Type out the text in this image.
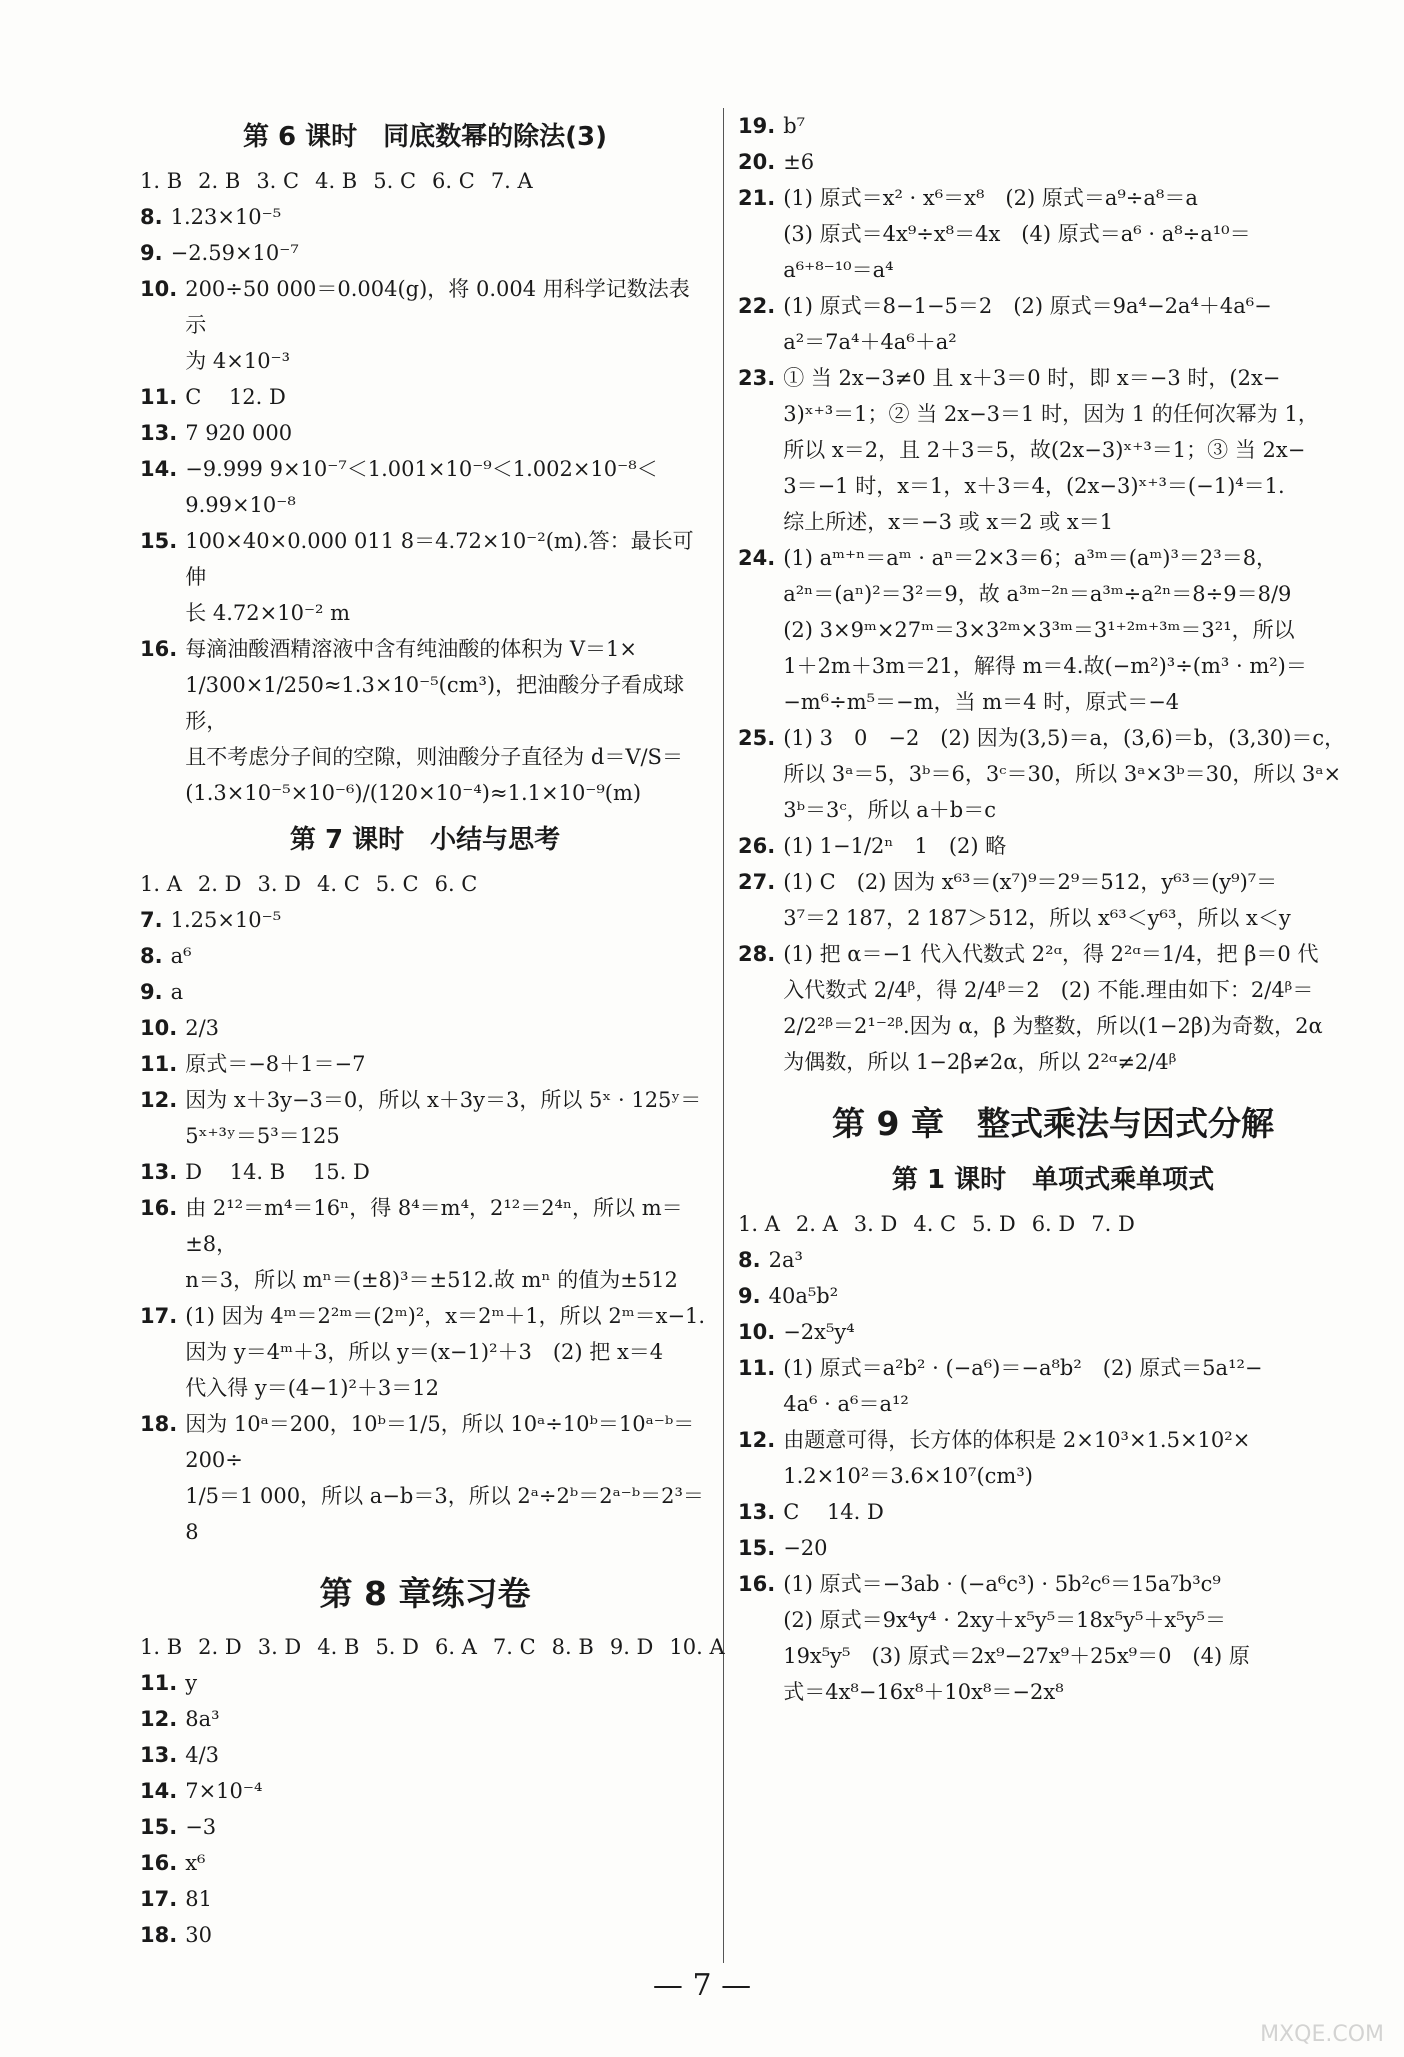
第 6 课时　同底数幂的除法(3)
1. B 2. B 3. C 4. B 5. C 6. C 7. A
8. 1.23×10⁻⁵
9. −2.59×10⁻⁷
10. 200÷50 000＝0.004(g)，将 0.004 用科学记数法表示
为 4×10⁻³
11. C　 12. D
13. 7 920 000
14. −9.999 9×10⁻⁷＜1.001×10⁻⁹＜1.002×10⁻⁸＜
9.99×10⁻⁸
15. 100×40×0.000 011 8＝4.72×10⁻²(m).答：最长可伸
长 4.72×10⁻² m
16. 每滴油酸酒精溶液中含有纯油酸的体积为 V＝1×
1/300×1/250≈1.3×10⁻⁵(cm³)，把油酸分子看成球形，
且不考虑分子间的空隙，则油酸分子直径为 d＝V/S＝
(1.3×10⁻⁵×10⁻⁶)/(120×10⁻⁴)≈1.1×10⁻⁹(m)
第 7 课时　小结与思考
1. A 2. D 3. D 4. C 5. C 6. C
7. 1.25×10⁻⁵
8. a⁶
9. a
10. 2/3
11. 原式＝−8＋1＝−7
12. 因为 x＋3y−3＝0，所以 x＋3y＝3，所以 5ˣ · 125ʸ＝
5ˣ⁺³ʸ＝5³＝125
13. D　 14. B　 15. D
16. 由 2¹²＝m⁴＝16ⁿ，得 8⁴＝m⁴，2¹²＝2⁴ⁿ，所以 m＝±8，
n＝3，所以 mⁿ＝(±8)³＝±512.故 mⁿ 的值为±512
17. (1) 因为 4ᵐ＝2²ᵐ＝(2ᵐ)²，x＝2ᵐ＋1，所以 2ᵐ＝x−1.
因为 y＝4ᵐ＋3，所以 y＝(x−1)²＋3　(2) 把 x＝4
代入得 y＝(4−1)²＋3＝12
18. 因为 10ᵃ＝200，10ᵇ＝1/5，所以 10ᵃ÷10ᵇ＝10ᵃ⁻ᵇ＝200÷
1/5＝1 000，所以 a−b＝3，所以 2ᵃ÷2ᵇ＝2ᵃ⁻ᵇ＝2³＝8
第 8 章练习卷
1. B 2. D 3. D 4. B 5. D 6. A 7. C 8. B 9. D 10. A
11. y
12. 8a³
13. 4/3
14. 7×10⁻⁴
15. −3
16. x⁶
17. 81
18. 30
19. b⁷
20. ±6
21. (1) 原式＝x² · x⁶＝x⁸　(2) 原式＝a⁹÷a⁸＝a
(3) 原式＝4x⁹÷x⁸＝4x　(4) 原式＝a⁶ · a⁸÷a¹⁰＝
a⁶⁺⁸⁻¹⁰＝a⁴
22. (1) 原式＝8−1−5＝2　(2) 原式＝9a⁴−2a⁴＋4a⁶−
a²＝7a⁴＋4a⁶＋a²
23. ① 当 2x−3≠0 且 x＋3＝0 时，即 x＝−3 时，(2x−
3)ˣ⁺³＝1；② 当 2x−3＝1 时，因为 1 的任何次幂为 1，
所以 x＝2，且 2＋3＝5，故(2x−3)ˣ⁺³＝1；③ 当 2x−
3＝−1 时，x＝1，x＋3＝4，(2x−3)ˣ⁺³＝(−1)⁴＝1.
综上所述，x＝−3 或 x＝2 或 x＝1
24. (1) aᵐ⁺ⁿ＝aᵐ · aⁿ＝2×3＝6；a³ᵐ＝(aᵐ)³＝2³＝8，
a²ⁿ＝(aⁿ)²＝3²＝9，故 a³ᵐ⁻²ⁿ＝a³ᵐ÷a²ⁿ＝8÷9＝8/9
(2) 3×9ᵐ×27ᵐ＝3×3²ᵐ×3³ᵐ＝3¹⁺²ᵐ⁺³ᵐ＝3²¹，所以
1＋2m＋3m＝21，解得 m＝4.故(−m²)³÷(m³ · m²)＝
−m⁶÷m⁵＝−m，当 m＝4 时，原式＝−4
25. (1) 3　0　−2　(2) 因为(3,5)＝a，(3,6)＝b，(3,30)＝c，
所以 3ᵃ＝5，3ᵇ＝6，3ᶜ＝30，所以 3ᵃ×3ᵇ＝30，所以 3ᵃ×
3ᵇ＝3ᶜ，所以 a＋b＝c
26. (1) 1−1/2ⁿ　1　(2) 略
27. (1) C　(2) 因为 x⁶³＝(x⁷)⁹＝2⁹＝512，y⁶³＝(y⁹)⁷＝
3⁷＝2 187，2 187＞512，所以 x⁶³＜y⁶³，所以 x＜y
28. (1) 把 α＝−1 代入代数式 2²ᵅ，得 2²ᵅ＝1/4，把 β＝0 代
入代数式 2/4ᵝ，得 2/4ᵝ＝2　(2) 不能.理由如下：2/4ᵝ＝
2/2²ᵝ＝2¹⁻²ᵝ.因为 α，β 为整数，所以(1−2β)为奇数，2α
为偶数，所以 1−2β≠2α，所以 2²ᵅ≠2/4ᵝ
第 9 章　整式乘法与因式分解
第 1 课时　单项式乘单项式
1. A 2. A 3. D 4. C 5. D 6. D 7. D
8. 2a³
9. 40a⁵b²
10. −2x⁵y⁴
11. (1) 原式＝a²b² · (−a⁶)＝−a⁸b²　(2) 原式＝5a¹²−
4a⁶ · a⁶＝a¹²
12. 由题意可得，长方体的体积是 2×10³×1.5×10²×
1.2×10²＝3.6×10⁷(cm³)
13. C　 14. D
15. −20
16. (1) 原式＝−3ab · (−a⁶c³) · 5b²c⁶＝15a⁷b³c⁹
(2) 原式＝9x⁴y⁴ · 2xy＋x⁵y⁵＝18x⁵y⁵＋x⁵y⁵＝
19x⁵y⁵　(3) 原式＝2x⁹−27x⁹＋25x⁹＝0　(4) 原
式＝4x⁸−16x⁸＋10x⁸＝−2x⁸
— 7 —
MXQE.COM
